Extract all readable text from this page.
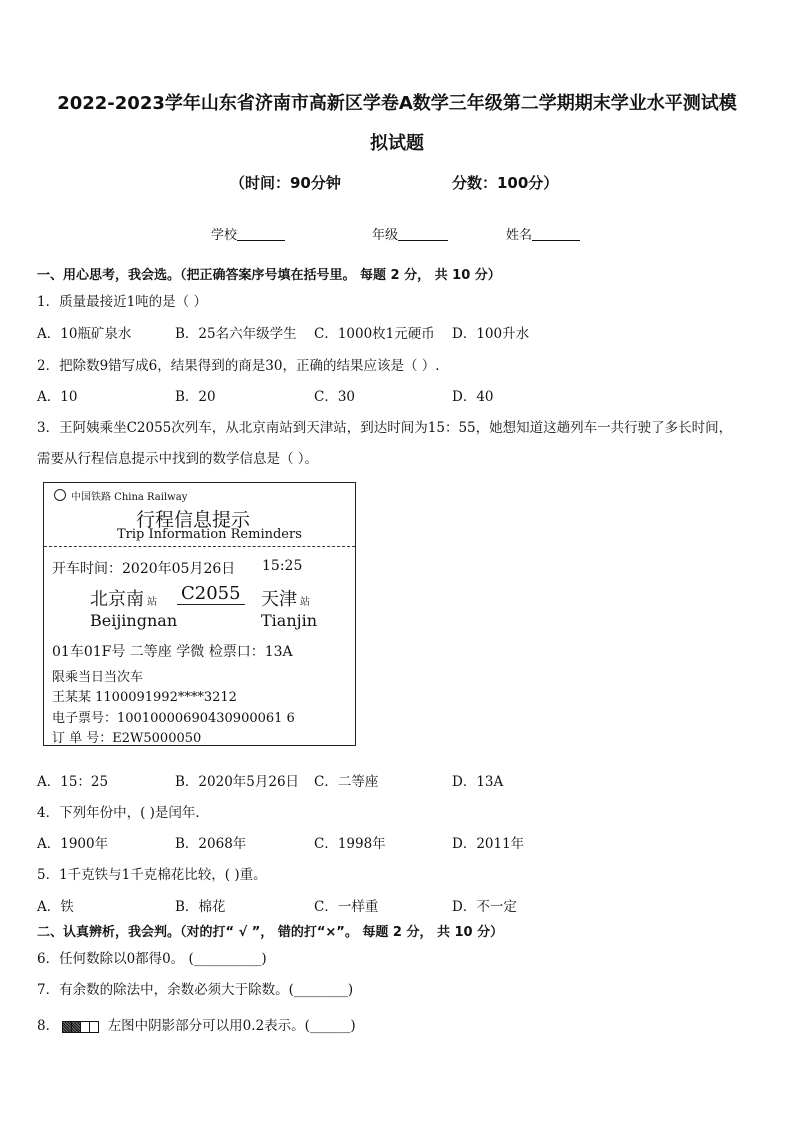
2022-2023学年山东省济南市高新区学卷A数学三年级第二学期期末学业水平测试模
拟试题
（时间：90分钟	分数：100分）
学校	年级	姓名
一、用心思考，我会选。（把正确答案序号填在括号里。 每题 2 分， 共 10 分）
1．质量最接近1吨的是（ ）
A．10瓶矿泉水	B．25名六年级学生 C．1000枚1元硬币 D．100升水
2．把除数9错写成6，结果得到的商是30，正确的结果应该是（ ）.
A．10	B．20	C．30	D．40
3．王阿姨乘坐C2055次列车，从北京南站到天津站，到达时间为15：55，她想知道这趟列车一共行驶了多长时间，
需要从行程信息提示中找到的数学信息是（ ）。
中国铁路 China Railway
行程信息提示
Trip Information Reminders
开车时间：2020年05月26日 15:25
北京南 站 C2055 天津 站
Beijingnan	Tianjin
01车01F号 二等座 学微 检票口：13A
限乘当日当次车
王某某 1100091992****3212
电子票号：10010000690430900061 6
订 单 号：E2W5000050
A．15：25	B．2020年5月26日 C．二等座	D．13A
4．下列年份中，( )是闰年．
A．1900年	B．2068年	C．1998年	D．2011年
5．1千克铁与1千克棉花比较，( )重。
A．铁	B．棉花	C．一样重	D．不一定
二、认真辨析，我会判。（对的打“ √ ”， 错的打“×”。 每题 2 分， 共 10 分）
6．任何数除以0都得0。 (__________)
7．有余数的除法中，余数必须大于除数。(________)
8．	左图中阴影部分可以用0.2表示。(______)
